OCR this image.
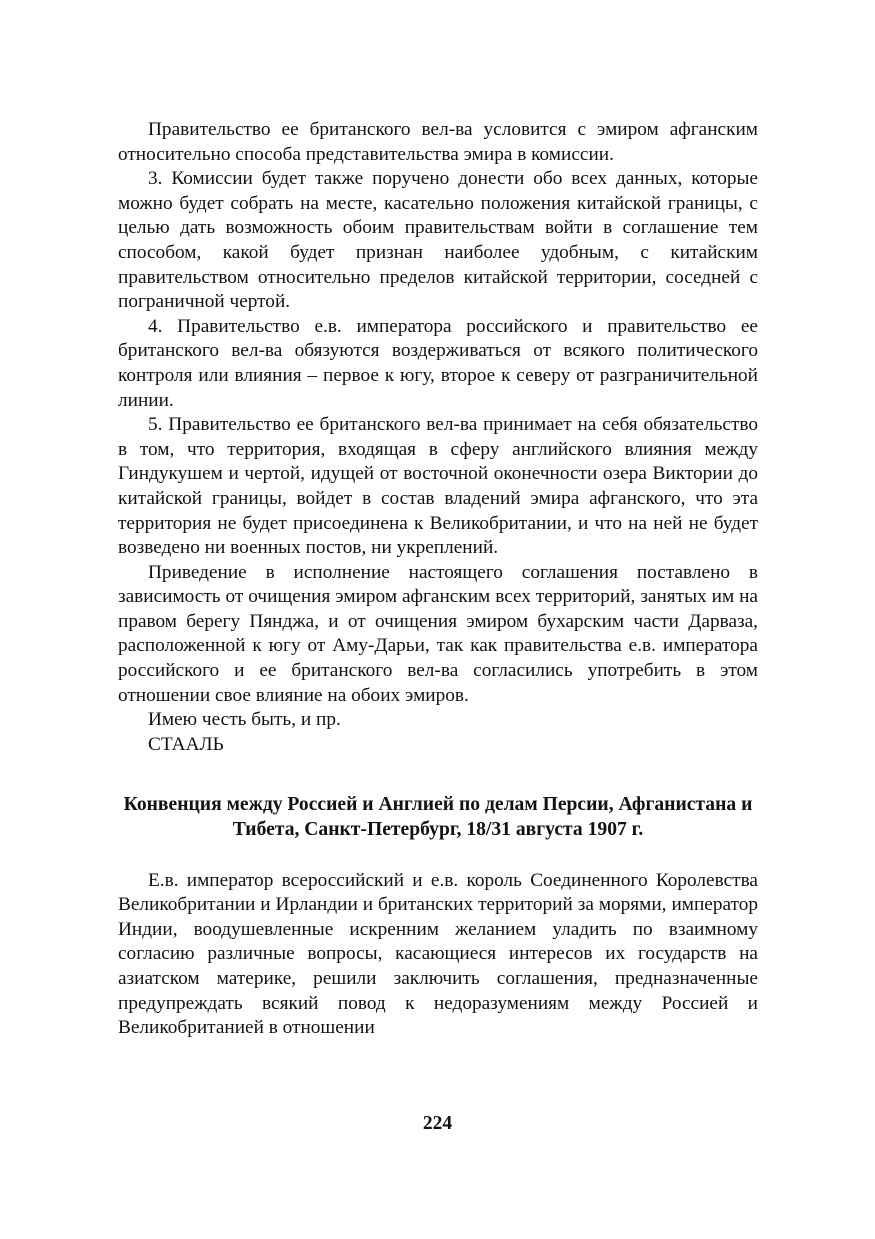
Правительство ее британского вел-ва условится с эмиром афганским относительно способа представительства эмира в комиссии.

3. Комиссии будет также поручено донести обо всех данных, которые можно будет собрать на месте, касательно положения китайской границы, с целью дать возможность обоим правительствам войти в соглашение тем способом, какой будет признан наиболее удобным, с китайским правительством относительно пределов китайской территории, соседней с пограничной чертой.

4. Правительство е.в. императора российского и правительство ее британского вел-ва обязуются воздерживаться от всякого политического контроля или влияния – первое к югу, второе к северу от разграничительной линии.

5. Правительство ее британского вел-ва принимает на себя обязательство в том, что территория, входящая в сферу английского влияния между Гиндукушем и чертой, идущей от восточной оконечности озера Виктории до китайской границы, войдет в состав владений эмира афганского, что эта территория не будет присоединена к Великобритании, и что на ней не будет возведено ни военных постов, ни укреплений.

Приведение в исполнение настоящего соглашения поставлено в зависимость от очищения эмиром афганским всех территорий, занятых им на правом берегу Пянджа, и от очищения эмиром бухарским части Дарваза, расположенной к югу от Аму-Дарьи, так как правительства е.в. императора российского и ее британского вел-ва согласились употребить в этом отношении свое влияние на обоих эмиров.

Имею честь быть, и пр.

СТААЛЬ

Конвенция между Россией и Англией по делам Персии, Афганистана и Тибета, Санкт-Петербург, 18/31 августа 1907 г.

Е.в. император всероссийский и е.в. король Соединенного Королевства Великобритании и Ирландии и британских территорий за морями, император Индии, воодушевленные искренним желанием уладить по взаимному согласию различные вопросы, касающиеся интересов их государств на азиатском материке, решили заключить соглашения, предназначенные предупреждать всякий повод к недоразумениям между Россией и Великобританией в отношении

224
